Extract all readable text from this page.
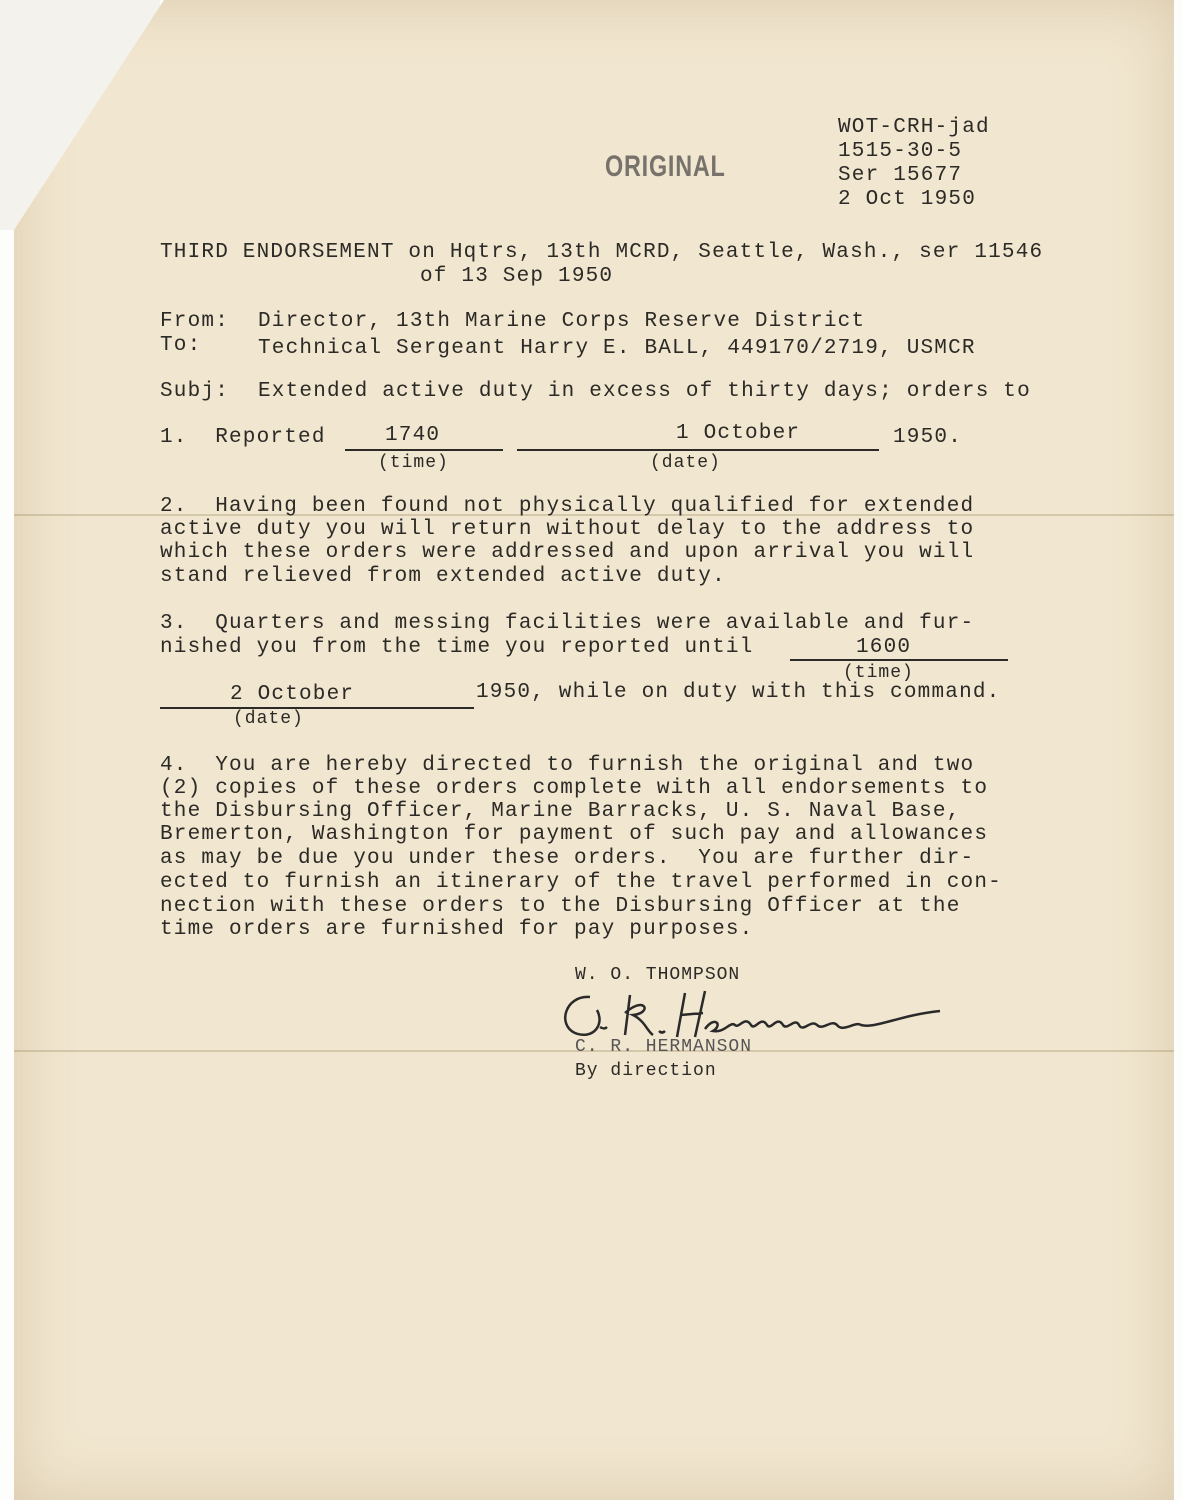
ORIGINAL
WOT-CRH-jad
1515-30-5
Ser 15677
2 Oct 1950
THIRD ENDORSEMENT on Hqtrs, 13th MCRD, Seattle, Wash., ser 11546
of 13 Sep 1950
From: Director, 13th Marine Corps Reserve District
To:	Technical Sergeant Harry E. BALL, 449170/2719, USMCR
Subj: Extended active duty in excess of thirty days; orders to
1.  Reported	1740
(time)
1 October
(date)
1950.
2.  Having been found not physically qualified for extended
active duty you will return without delay to the address to
which these orders were addressed and upon arrival you will
stand relieved from extended active duty.
3.  Quarters and messing facilities were available and fur-
nished you from the time you reported until	1600
(time)
2 October
(date)
1950, while on duty with this command.
4.  You are hereby directed to furnish the original and two
(2) copies of these orders complete with all endorsements to
the Disbursing Officer, Marine Barracks, U. S. Naval Base,
Bremerton, Washington for payment of such pay and allowances
as may be due you under these orders.  You are further dir-
ected to furnish an itinerary of the travel performed in con-
nection with these orders to the Disbursing Officer at the
time orders are furnished for pay purposes.
W. O. THOMPSON
C. R. HERMANSON
By direction
